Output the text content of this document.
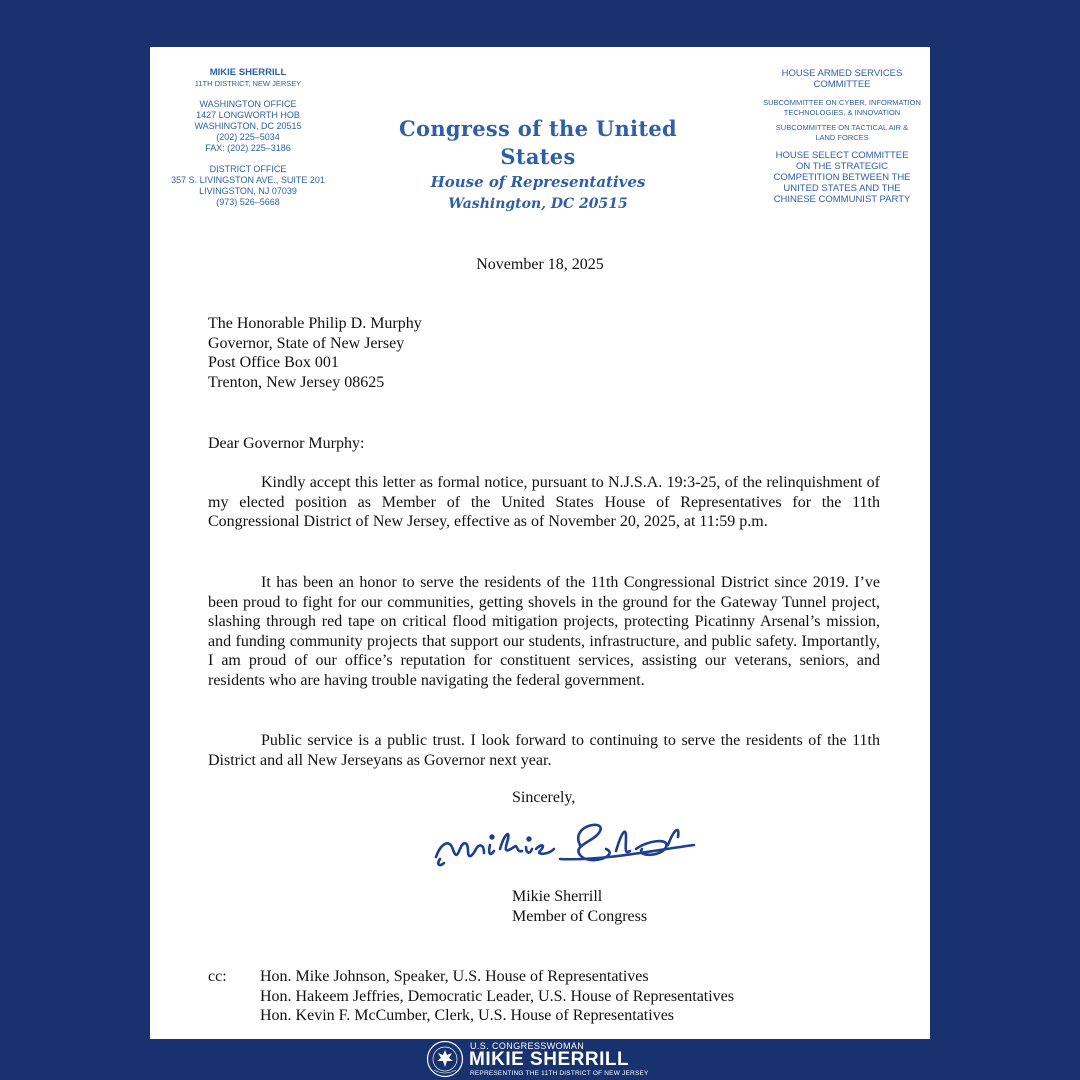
MIKIE SHERRILL
11TH DISTRICT, NEW JERSEY
WASHINGTON OFFICE
1427 LONGWORTH HOB
WASHINGTON, DC 20515
(202) 225–5034
FAX: (202) 225–3186
DISTRICT OFFICE
357 S. LIVINGSTON AVE., SUITE 201
LIVINGSTON, NJ 07039
(973) 526–5668
Congress of the United States
House of Representatives
Washington, DC 20515
HOUSE ARMED SERVICES
COMMITTEE
SUBCOMMITTEE ON CYBER, INFORMATION
TECHNOLOGIES, & INNOVATION
SUBCOMMITTEE ON TACTICAL AIR &
LAND FORCES
HOUSE SELECT COMMITTEE
ON THE STRATEGIC
COMPETITION BETWEEN THE
UNITED STATES AND THE
CHINESE COMMUNIST PARTY
November 18, 2025
The Honorable Philip D. Murphy
Governor, State of New Jersey
Post Office Box 001
Trenton, New Jersey 08625
Dear Governor Murphy:
Kindly accept this letter as formal notice, pursuant to N.J.S.A. 19:3-25, of the relinquishment of my elected position as Member of the United States House of Representatives for the 11th Congressional District of New Jersey, effective as of November 20, 2025, at 11:59 p.m.
It has been an honor to serve the residents of the 11th Congressional District since 2019. I’ve been proud to fight for our communities, getting shovels in the ground for the Gateway Tunnel project, slashing through red tape on critical flood mitigation projects, protecting Picatinny Arsenal’s mission, and funding community projects that support our students, infrastructure, and public safety. Importantly, I am proud of our office’s reputation for constituent services, assisting our veterans, seniors, and residents who are having trouble navigating the federal government.
Public service is a public trust. I look forward to continuing to serve the residents of the 11th District and all New Jerseyans as Governor next year.
Sincerely,
Mikie Sherrill
Member of Congress
cc: Hon. Mike Johnson, Speaker, U.S. House of Representatives
Hon. Hakeem Jeffries, Democratic Leader, U.S. House of Representatives
Hon. Kevin F. McCumber, Clerk, U.S. House of Representatives
U.S. CONGRESSWOMAN
MIKIE SHERRILL
REPRESENTING THE 11TH DISTRICT OF NEW JERSEY
